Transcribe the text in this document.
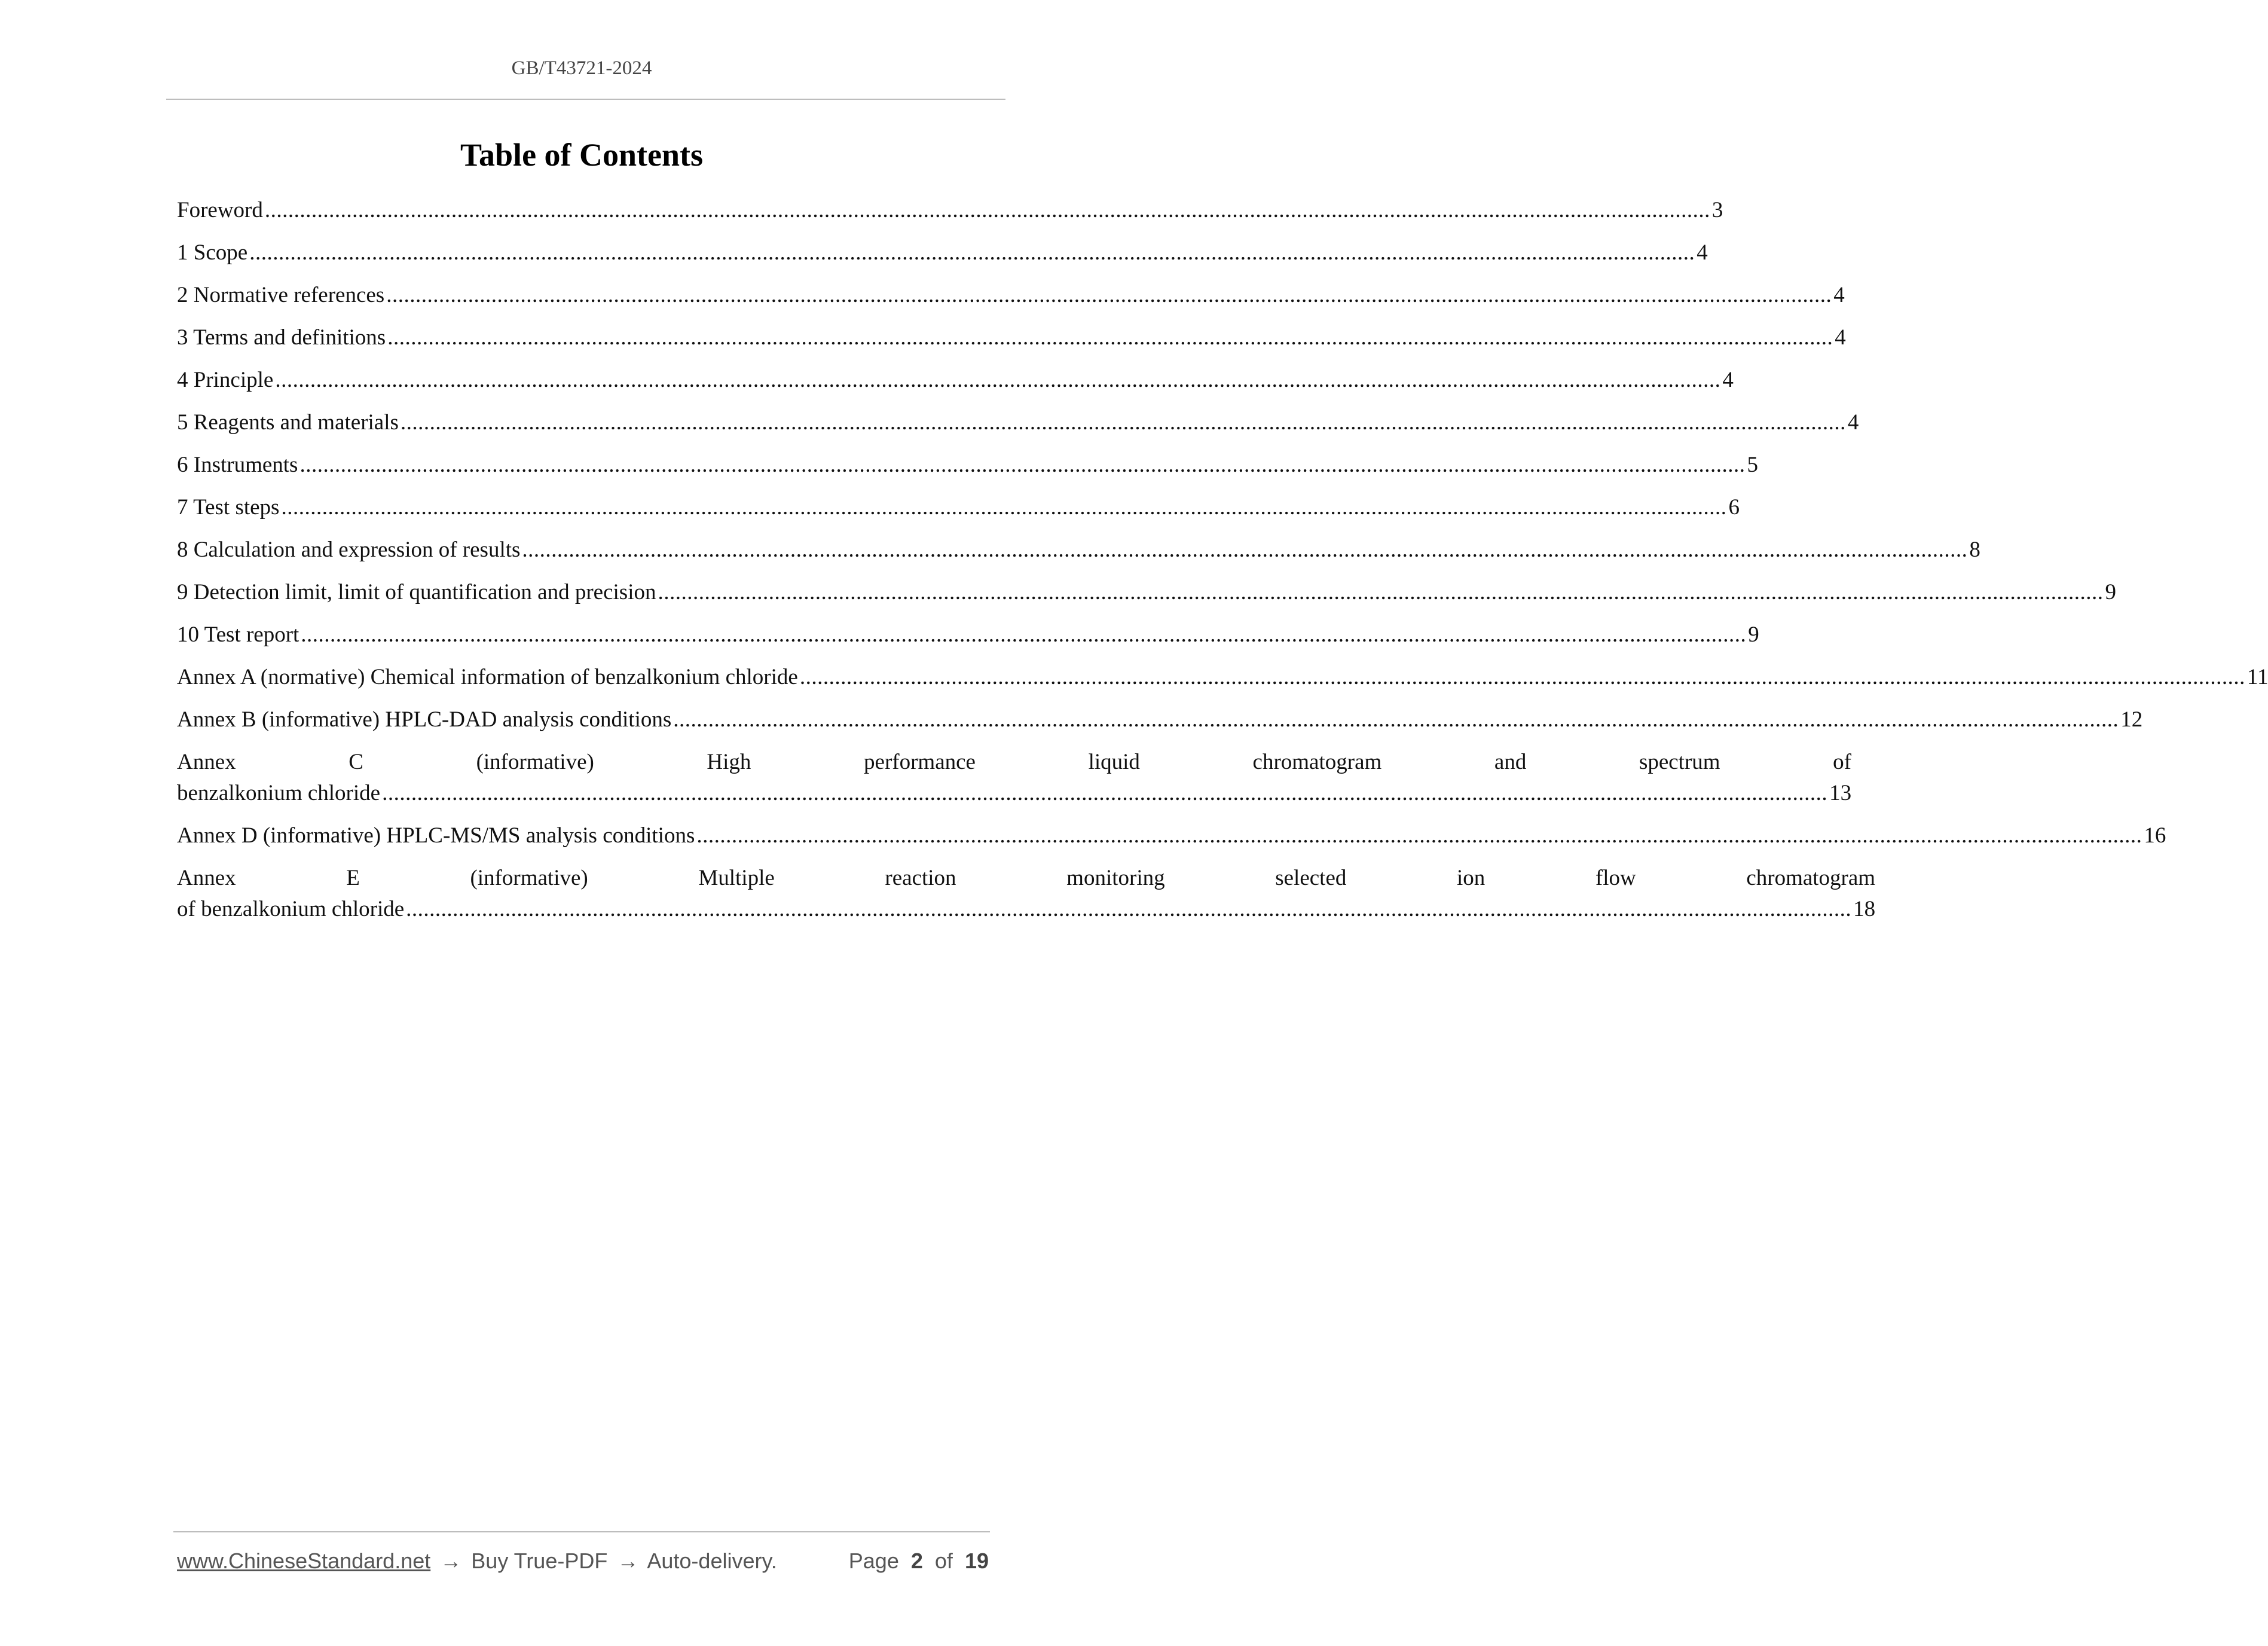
GB/T43721-2024
Table of Contents
Foreword .....	3
1 Scope .....	4
2 Normative references .....	4
3 Terms and definitions .....	4
4 Principle .....	4
5 Reagents and materials .....	4
6 Instruments .....	5
7 Test steps .....	6
8 Calculation and expression of results .....	8
9 Detection limit, limit of quantification and precision .....	9
10 Test report .....	9
Annex A (normative) Chemical information of benzalkonium chloride .....	11
Annex B (informative) HPLC-DAD analysis conditions .....	12
Annex	C	(informative)	High	performance	liquid	chromatogram	and	spectrum	of
benzalkonium chloride .....	13
Annex D (informative) HPLC-MS/MS analysis conditions .....	16
Annex	E	(informative)	Multiple	reaction	monitoring	selected	ion	flow	chromatogram
of benzalkonium chloride .....	18
www.ChineseStandard.net → Buy True-PDF → Auto-delivery.	Page 2 of 19
